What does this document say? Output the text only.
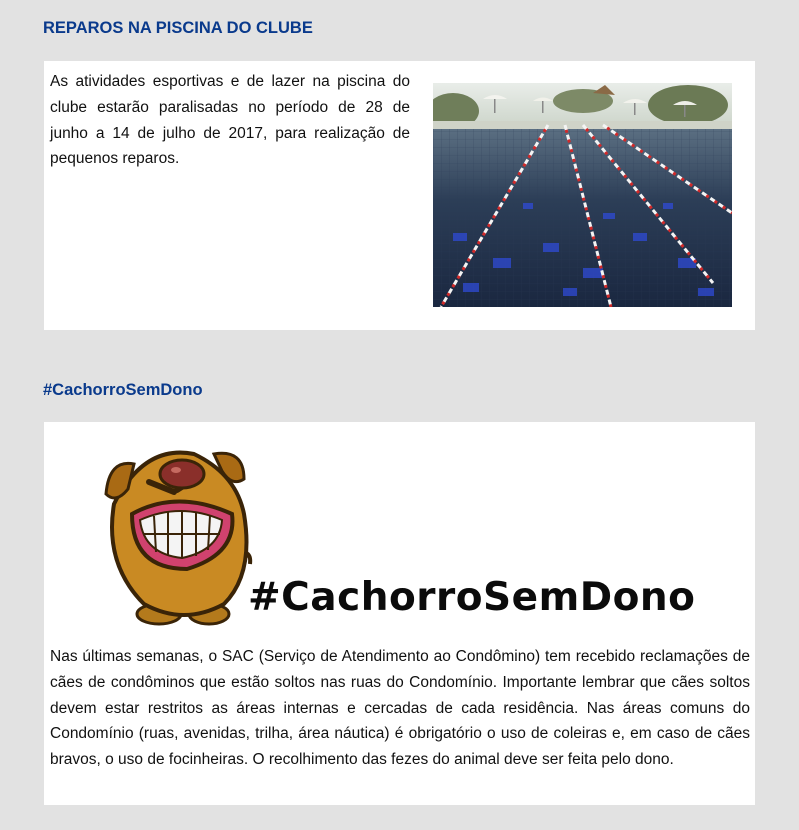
REPAROS NA PISCINA DO CLUBE

As atividades esportivas e de lazer na piscina do clube estarão paralisadas no período de 28 de junho a 14 de julho de 2017, para realização de pequenos reparos.

#CachorroSemDono
#CachorroSemDono

Nas últimas semanas, o SAC (Serviço de Atendimento ao Condômino) tem recebido reclamações de cães de condôminos que estão soltos nas ruas do Condomínio. Importante lembrar que cães soltos devem estar restritos as áreas internas e cercadas de cada residência. Nas áreas comuns do Condomínio (ruas, avenidas, trilha, área náutica) é obrigatório o uso de coleiras e, em caso de cães bravos, o uso de focinheiras. O recolhimento das fezes do animal deve ser feita pelo dono.
